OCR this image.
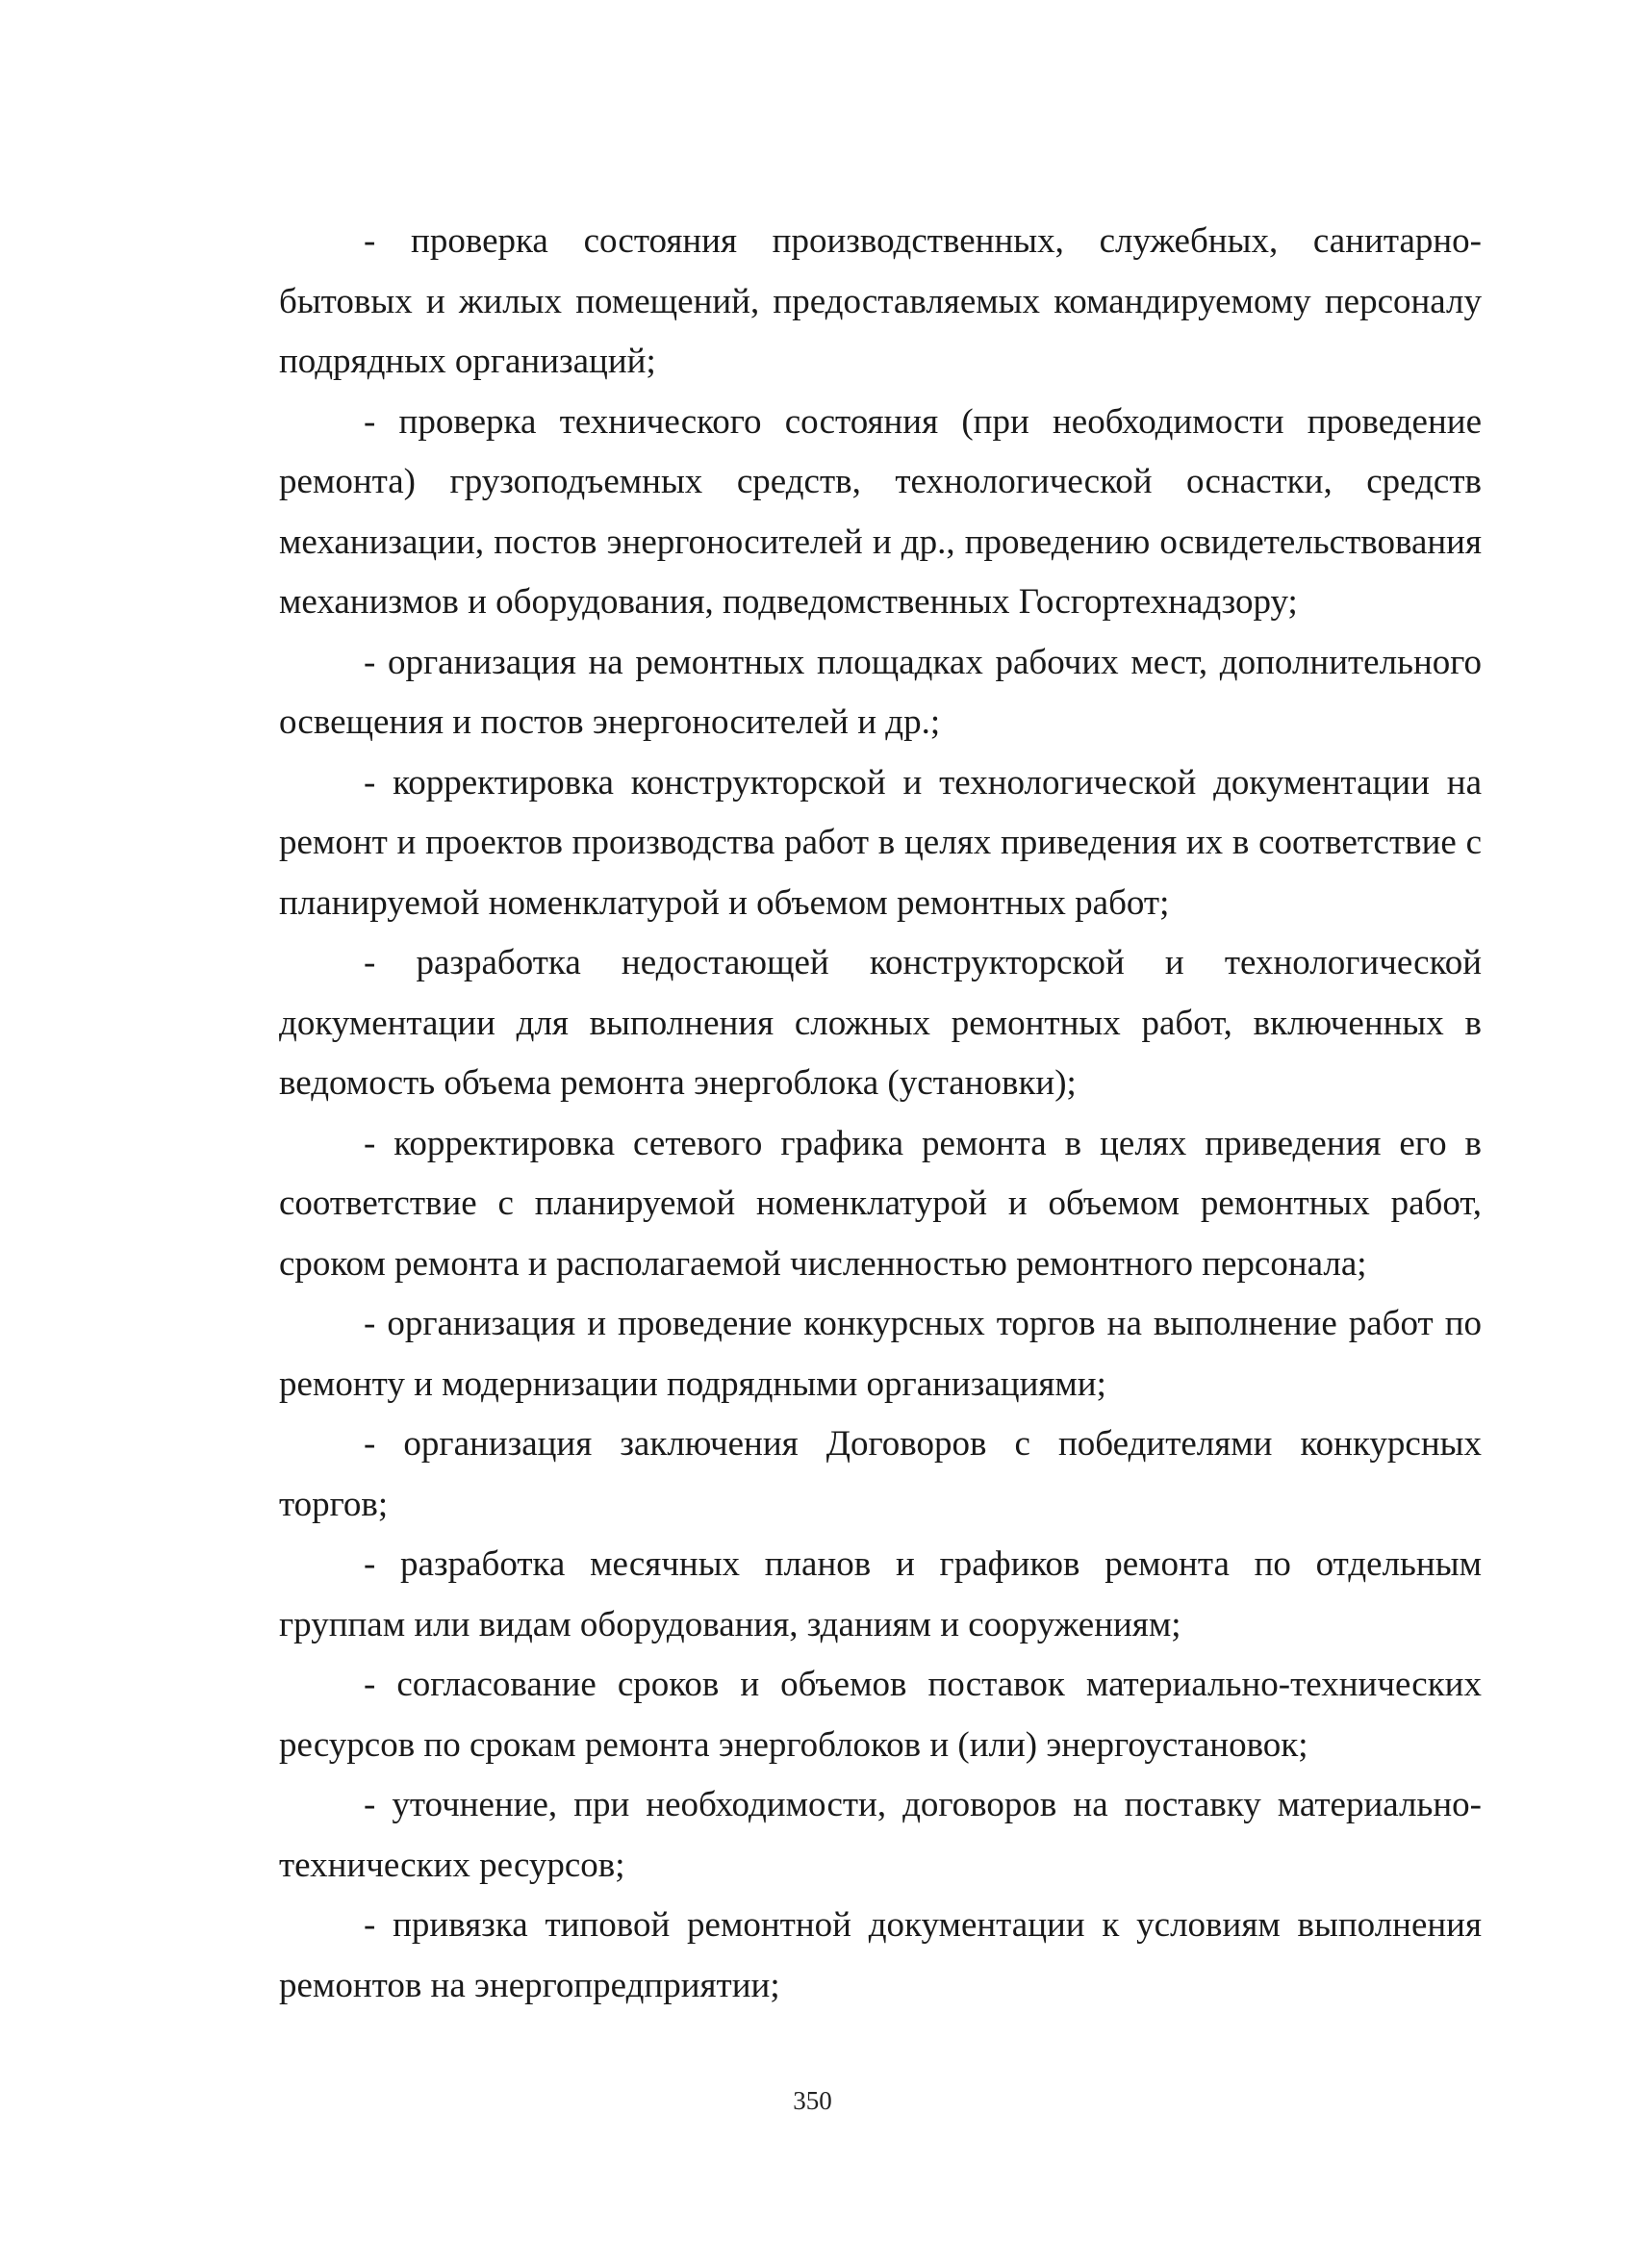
- проверка состояния производственных, служебных, санитарно-бытовых и жилых помещений, предоставляемых командируемому персоналу подрядных организаций;

- проверка технического состояния (при необходимости проведение ремонта) грузоподъемных средств, технологической оснастки, средств механизации, постов энергоносителей и др., проведению освидетельствования механизмов и оборудования, подведомственных Госгортехнадзору;

- организация на ремонтных площадках рабочих мест, дополнительного освещения и постов энергоносителей и др.;

- корректировка конструкторской и технологической документации на ремонт и проектов производства работ в целях приведения их в соответствие с планируемой номенклатурой и объемом ремонтных работ;

- разработка недостающей конструкторской и технологической документации для выполнения сложных ремонтных работ, включенных в ведомость объема ремонта энергоблока (установки);

- корректировка сетевого графика ремонта в целях приведения его в соответствие с планируемой номенклатурой и объемом ремонтных работ, сроком ремонта и располагаемой численностью ремонтного персонала;

- организация и проведение конкурсных торгов на выполнение работ по ремонту и модернизации подрядными организациями;

- организация заключения Договоров с победителями конкурсных торгов;

- разработка месячных планов и графиков ремонта по отдельным группам или видам оборудования, зданиям и сооружениям;

- согласование сроков и объемов поставок материально-технических ресурсов по срокам ремонта энергоблоков и (или) энергоустановок;

- уточнение, при необходимости, договоров на поставку материально-технических ресурсов;

- привязка типовой ремонтной документации к условиям выполнения ремонтов на энергопредприятии;

350
